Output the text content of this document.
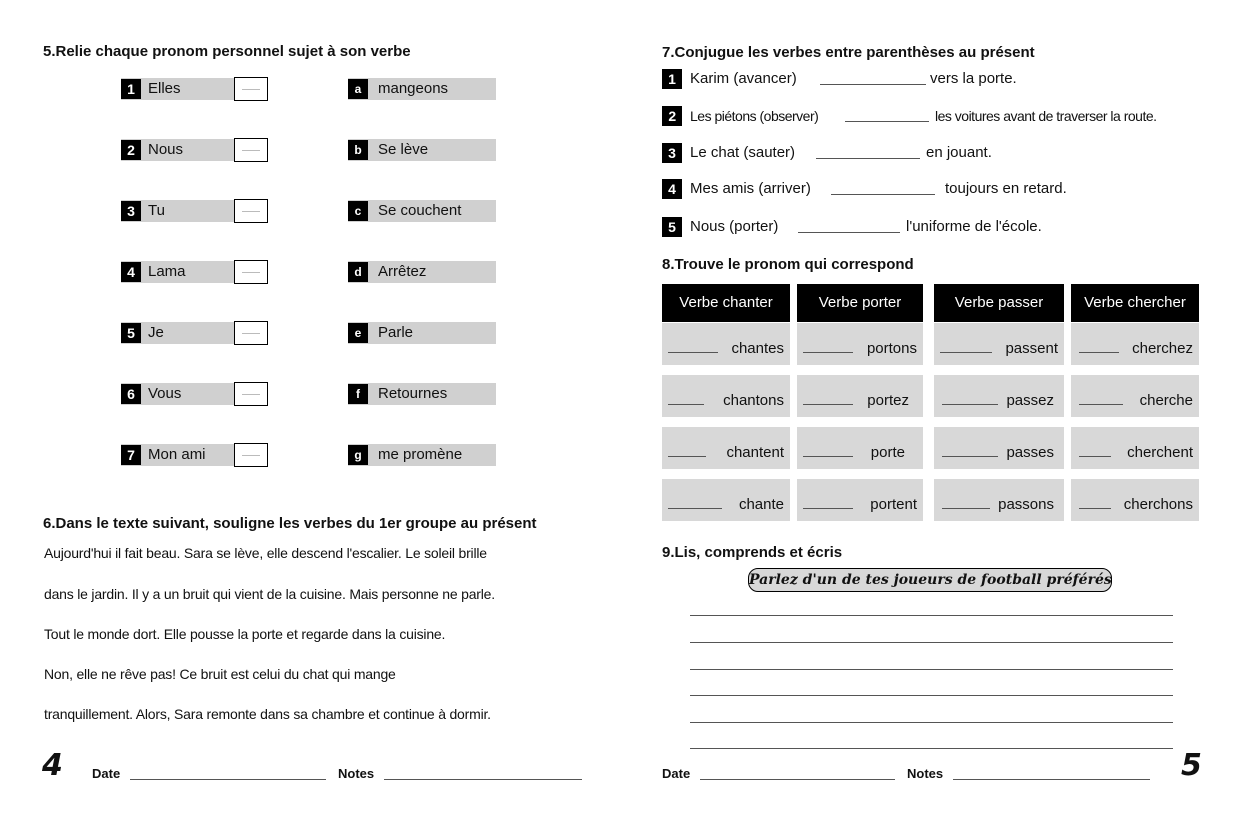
5.Relie chaque pronom personnel sujet à son verbe
1 Elles
2 Nous
3 Tu
4 Lama
5 Je
6 Vous
7 Mon ami
a	mangeons
b	Se lève
c	Se couchent
d	Arrêtez
e	Parle
f	Retournes
g	me promène
6.Dans le texte suivant, souligne les verbes du 1er groupe au présent
Aujourd'hui il fait beau. Sara se lève, elle descend l'escalier. Le soleil brille
dans le jardin. Il y a un bruit qui vient de la cuisine. Mais personne ne parle.
Tout le monde dort. Elle pousse la porte et regarde dans la cuisine.
Non, elle ne rêve pas! Ce bruit est celui du chat qui mange
tranquillement. Alors, Sara remonte dans sa chambre et continue à dormir.
4 Date	Notes
7.Conjugue les verbes entre parenthèses au présent
1 Karim (avancer)	vers la porte.
2	Les piétons (observer)	les voitures avant de traverser la route.
3 Le chat (sauter)	en jouant.
4 Mes amis (arriver)	toujours en retard.
5 Nous (porter)	l'uniforme de l'école.
8.Trouve le pronom qui correspond
Verbe chanter	Verbe porter	Verbe passer	Verbe chercher
chantes	portons	passent	cherchez
chantons	portez	passez	cherche
chantent	porte	passes	cherchent
chante	portent	passons	cherchons
9.Lis, comprends et écris
Parlez d'un de tes joueurs de football préférés
Date	Notes	5
